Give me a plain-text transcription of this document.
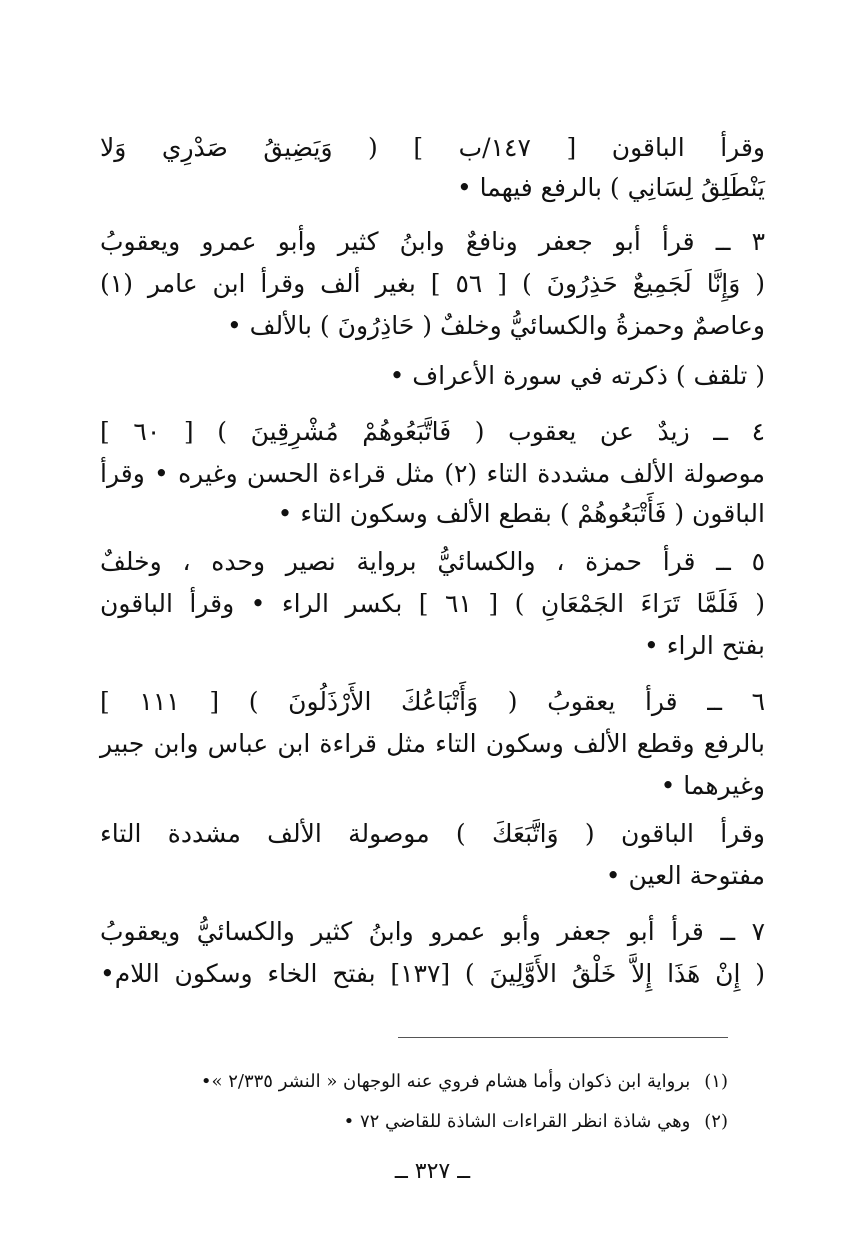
وقرأ الباقون [ ١٤٧/ب ] ( وَيَضِيقُ صَدْرِي وَلا
يَنْطَلِقُ لِسَانِي ) بالرفع فيهما •
٣ ــ قرأ أبو جعفر ونافعٌ وابنُ كثير وأبو عمرو ويعقوبُ
( وَإِنَّا لَجَمِيعٌ حَذِرُونَ ) [ ٥٦ ] بغير ألف وقرأ ابن عامر (١)
وعاصمٌ وحمزةُ والكسائيُّ وخلفٌ ( حَاذِرُونَ ) بالألف •
( تلقف ) ذكرته في سورة الأعراف •
٤ ــ زيدٌ عن يعقوب ( فَاتَّبَعُوهُمْ مُشْرِقِينَ ) [ ٦٠ ]
موصولة الألف مشددة التاء (٢) مثل قراءة الحسن وغيره • وقرأ
الباقون ( فَأَتْبَعُوهُمْ ) بقطع الألف وسكون التاء •
٥ ــ قرأ حمزة ، والكسائيُّ برواية نصير وحده ، وخلفٌ
( فَلَمَّا تَرَاءَ الجَمْعَانِ ) [ ٦١ ] بكسر الراء • وقرأ الباقون
بفتح الراء •
٦ ــ قرأ يعقوبُ ( وَأَتْبَاعُكَ الأَرْذَلُونَ ) [ ١١١ ]
بالرفع وقطع الألف وسكون التاء مثل قراءة ابن عباس وابن جبير
وغيرهما •
وقرأ الباقون ( وَاتَّبَعَكَ ) موصولة الألف مشددة التاء
مفتوحة العين •
٧ ــ قرأ أبو جعفر وأبو عمرو وابنُ كثير والكسائيُّ ويعقوبُ
( إِنْ هَذَا إِلاَّ خَلْقُ الأَوَّلِينَ ) [١٣٧] بفتح الخاء وسكون اللام•
(١)برواية ابن ذكوان وأما هشام فروي عنه الوجهان « النشر ٢/٣٣٥ »•
(٢)وهي شاذة انظر القراءات الشاذة للقاضي ٧٢ •
ــ ٣٢٧ ــ
